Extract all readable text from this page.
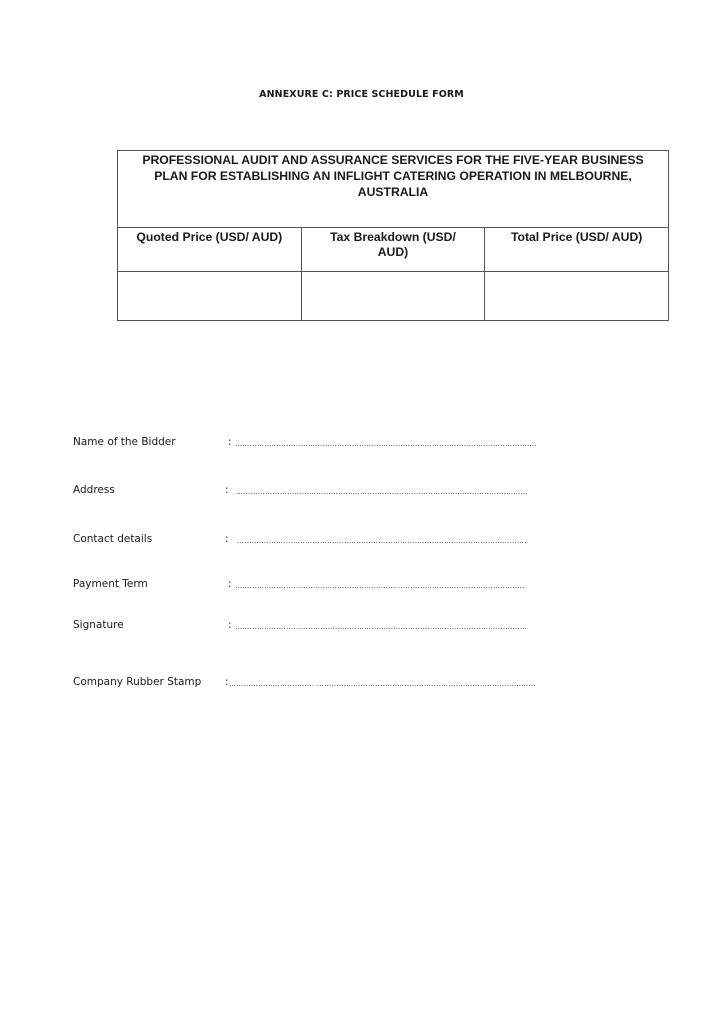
ANNEXURE C: PRICE SCHEDULE FORM
PROFESSIONAL AUDIT AND ASSURANCE SERVICES FOR THE FIVE-YEAR BUSINESS PLAN FOR ESTABLISHING AN INFLIGHT CATERING OPERATION IN MELBOURNE, AUSTRALIA		

Quoted Price (USD/ AUD)	Tax Breakdown (USD/ AUD)	Total Price (USD/ AUD)

Name of the Bidder	: …………………………………………………………………………………………………………….
Address	: …………………………………………………………………………………………………………
Contact details	: ….…………………………………………………………………………………………………….
Payment Term	: ………………………………………………………………………………………………………..
Signature	: …………………………..…………………………………………………………………………….
Company Rubber Stamp : …………………………….. ………………………………………………………………………………
